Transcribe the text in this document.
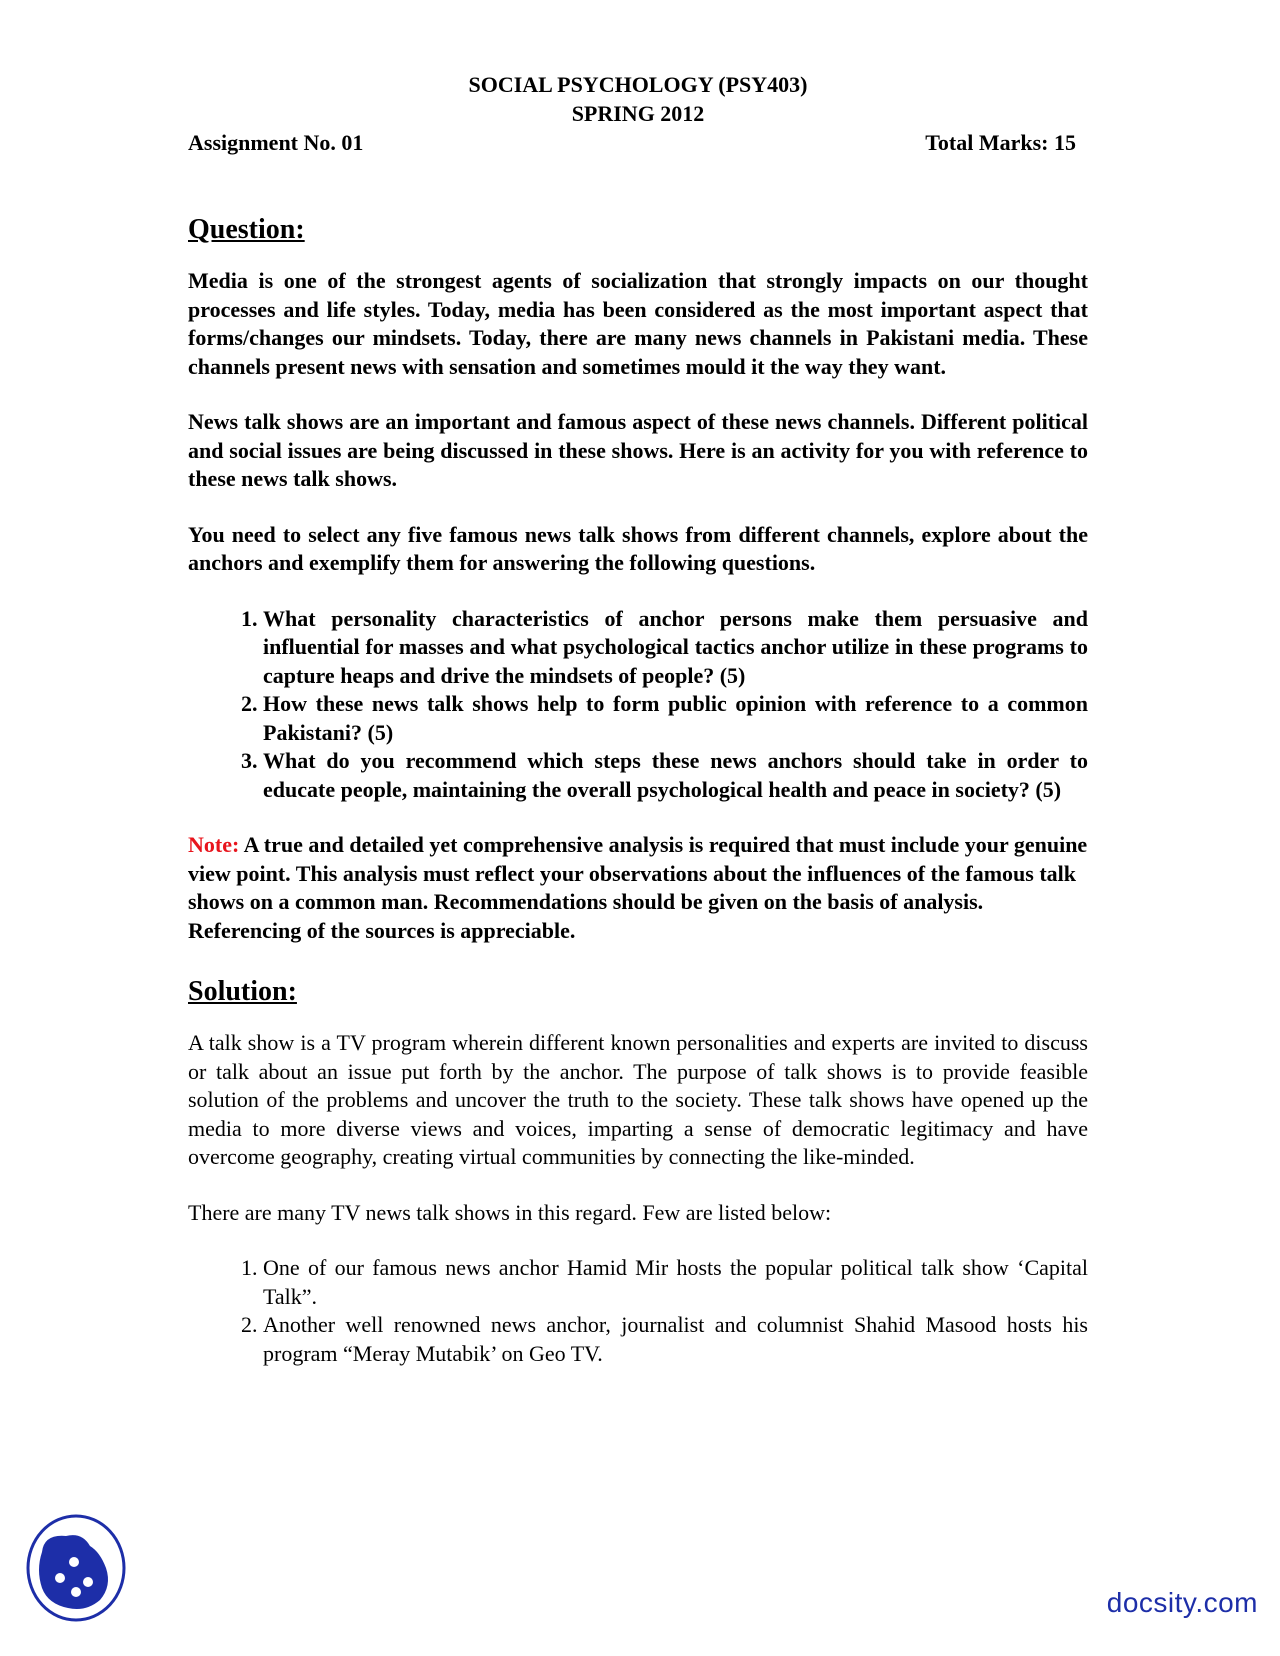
SOCIAL PSYCHOLOGY (PSY403)
SPRING 2012
Assignment No. 01	Total Marks: 15
Question:

Media is one of the strongest agents of socialization that strongly impacts on our thought processes and life styles. Today, media has been considered as the most important aspect that forms/changes our mindsets. Today, there are many news channels in Pakistani media. These channels present news with sensation and sometimes mould it the way they want.

News talk shows are an important and famous aspect of these news channels. Different political and social issues are being discussed in these shows. Here is an activity for you with reference to these news talk shows.

You need to select any five famous news talk shows from different channels, explore about the anchors and exemplify them for answering the following questions.

1. What personality characteristics of anchor persons make them persuasive and influential for masses and what psychological tactics anchor utilize in these programs to capture heaps and drive the mindsets of people? (5)
2. How these news talk shows help to form public opinion with reference to a common Pakistani? (5)
3. What do you recommend which steps these news anchors should take in order to educate people, maintaining the overall psychological health and peace in society? (5)

Note: A true and detailed yet comprehensive analysis is required that must include your genuine view point. This analysis must reflect your observations about the influences of the famous talk shows on a common man. Recommendations should be given on the basis of analysis. Referencing of the sources is appreciable.

Solution:

A talk show is a TV program wherein different known personalities and experts are invited to discuss or talk about an issue put forth by the anchor. The purpose of talk shows is to provide feasible solution of the problems and uncover the truth to the society. These talk shows have opened up the media to more diverse views and voices, imparting a sense of democratic legitimacy and have overcome geography, creating virtual communities by connecting the like-minded.

There are many TV news talk shows in this regard. Few are listed below:

1. One of our famous news anchor Hamid Mir hosts the popular political talk show ‘Capital Talk”.
2. Another well renowned news anchor, journalist and columnist Shahid Masood hosts his program “Meray Mutabik’ on Geo TV.
docsity.com
